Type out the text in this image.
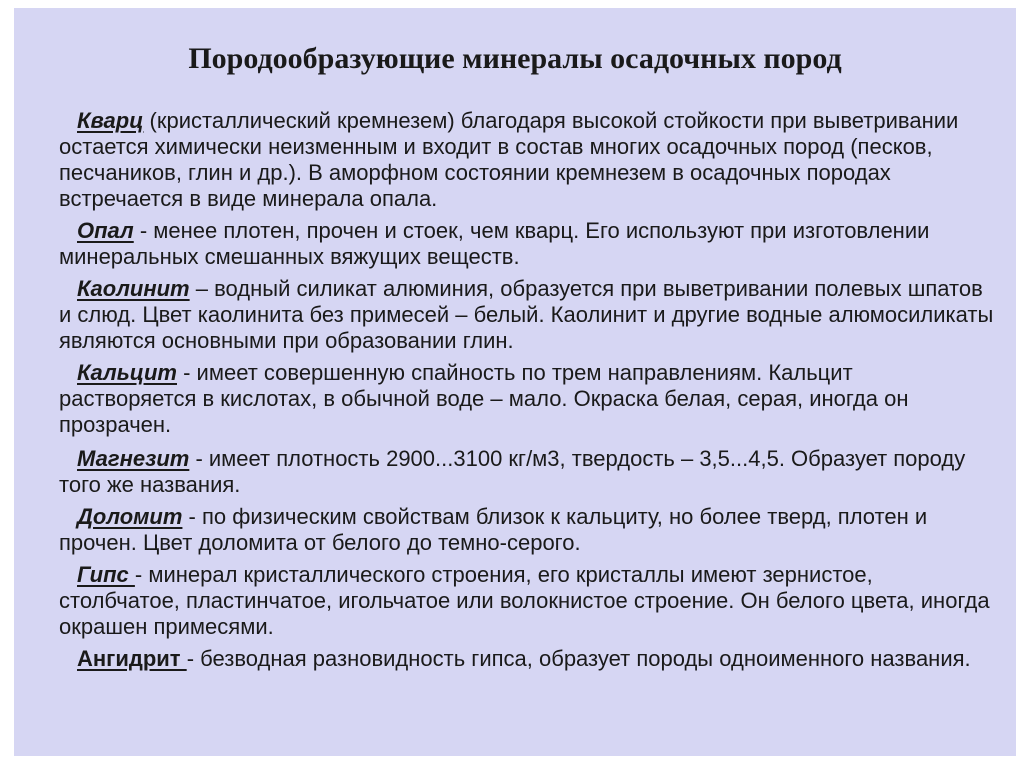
Породообразующие минералы осадочных пород

Кварц (кристаллический кремнезем) благодаря высокой стойкости при выветривании остается химически неизменным и входит в состав многих осадочных пород (песков, песчаников, глин и др.). В аморфном состоянии кремнезем в осадочных породах встречается в виде минерала опала.

Опал - менее плотен, прочен и стоек, чем кварц. Его используют при изготовлении минеральных смешанных вяжущих веществ.

Каолинит – водный силикат алюминия, образуется при выветривании полевых шпатов и слюд. Цвет каолинита без примесей – белый. Каолинит и другие водные алюмосиликаты являются основными при образовании глин.

Кальцит - имеет совершенную спайность по трем направлениям. Кальцит растворяется в кислотах, в обычной воде – мало. Окраска белая, серая, иногда он прозрачен.

Магнезит - имеет плотность 2900...3100 кг/м3, твердость – 3,5...4,5. Образует породу того же названия.

Доломит - по физическим свойствам близок к кальциту, но более тверд, плотен и прочен. Цвет доломита от белого до темно-серого.

Гипс - минерал кристаллического строения, его кристаллы имеют зернистое, столбчатое, пластинчатое, игольчатое или волокнистое строение. Он белого цвета, иногда окрашен примесями.

Ангидрит - безводная разновидность гипса, образует породы одноименного названия.
